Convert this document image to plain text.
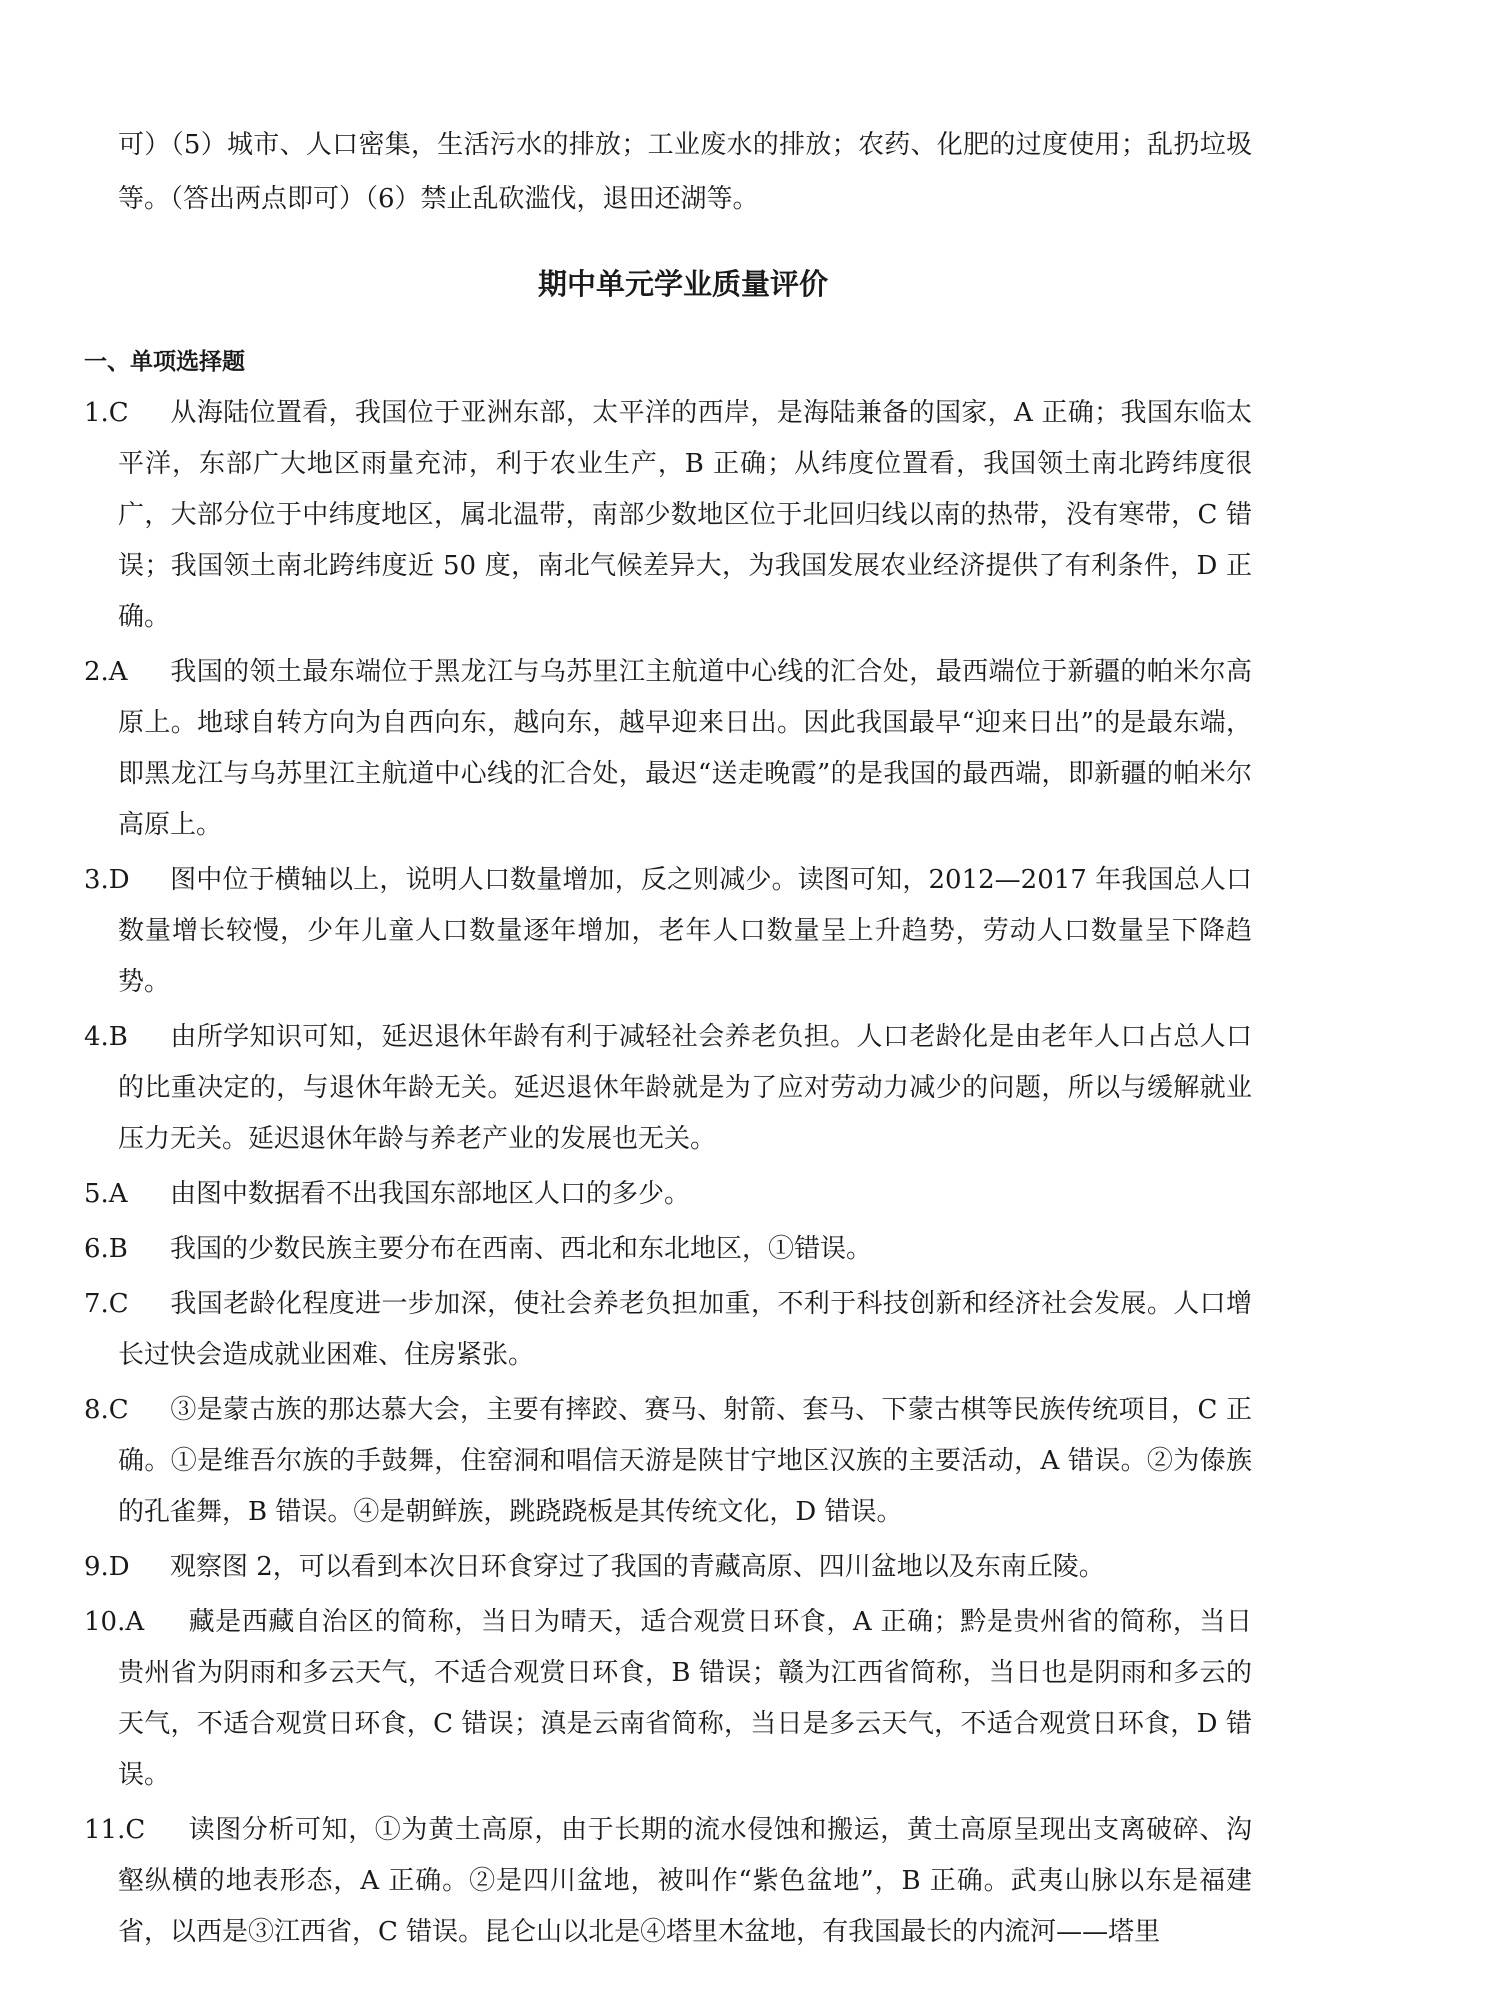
可）（5）城市、人口密集，生活污水的排放；工业废水的排放；农药、化肥的过度使用；乱扔垃圾等。（答出两点即可）（6）禁止乱砍滥伐，退田还湖等。

期中单元学业质量评价
一、单项选择题
1.C 从海陆位置看，我国位于亚洲东部，太平洋的西岸，是海陆兼备的国家，A 正确；我国东临太平洋，东部广大地区雨量充沛，利于农业生产，B 正确；从纬度位置看，我国领土南北跨纬度很广，大部分位于中纬度地区，属北温带，南部少数地区位于北回归线以南的热带，没有寒带，C 错误；我国领土南北跨纬度近 50 度，南北气候差异大，为我国发展农业经济提供了有利条件，D 正确。
2.A 我国的领土最东端位于黑龙江与乌苏里江主航道中心线的汇合处，最西端位于新疆的帕米尔高原上。地球自转方向为自西向东，越向东，越早迎来日出。因此我国最早“迎来日出”的是最东端，即黑龙江与乌苏里江主航道中心线的汇合处，最迟“送走晚霞”的是我国的最西端，即新疆的帕米尔高原上。
3.D 图中位于横轴以上，说明人口数量增加，反之则减少。读图可知，2012—2017 年我国总人口数量增长较慢，少年儿童人口数量逐年增加，老年人口数量呈上升趋势，劳动人口数量呈下降趋势。
4.B 由所学知识可知，延迟退休年龄有利于减轻社会养老负担。人口老龄化是由老年人口占总人口的比重决定的，与退休年龄无关。延迟退休年龄就是为了应对劳动力减少的问题，所以与缓解就业压力无关。延迟退休年龄与养老产业的发展也无关。
5.A 由图中数据看不出我国东部地区人口的多少。
6.B 我国的少数民族主要分布在西南、西北和东北地区，①错误。
7.C 我国老龄化程度进一步加深，使社会养老负担加重，不利于科技创新和经济社会发展。人口增长过快会造成就业困难、住房紧张。
8.C ③是蒙古族的那达慕大会，主要有摔跤、赛马、射箭、套马、下蒙古棋等民族传统项目，C 正确。①是维吾尔族的手鼓舞，住窑洞和唱信天游是陕甘宁地区汉族的主要活动，A 错误。②为傣族的孔雀舞，B 错误。④是朝鲜族，跳跷跷板是其传统文化，D 错误。
9.D 观察图 2，可以看到本次日环食穿过了我国的青藏高原、四川盆地以及东南丘陵。
10.A 藏是西藏自治区的简称，当日为晴天，适合观赏日环食，A 正确；黔是贵州省的简称，当日贵州省为阴雨和多云天气，不适合观赏日环食，B 错误；赣为江西省简称，当日也是阴雨和多云的天气，不适合观赏日环食，C 错误；滇是云南省简称，当日是多云天气，不适合观赏日环食，D 错误。
11.C 读图分析可知，①为黄土高原，由于长期的流水侵蚀和搬运，黄土高原呈现出支离破碎、沟壑纵横的地表形态，A 正确。②是四川盆地，被叫作“紫色盆地”，B 正确。武夷山脉以东是福建省，以西是③江西省，C 错误。昆仑山以北是④塔里木盆地，有我国最长的内流河——塔里
